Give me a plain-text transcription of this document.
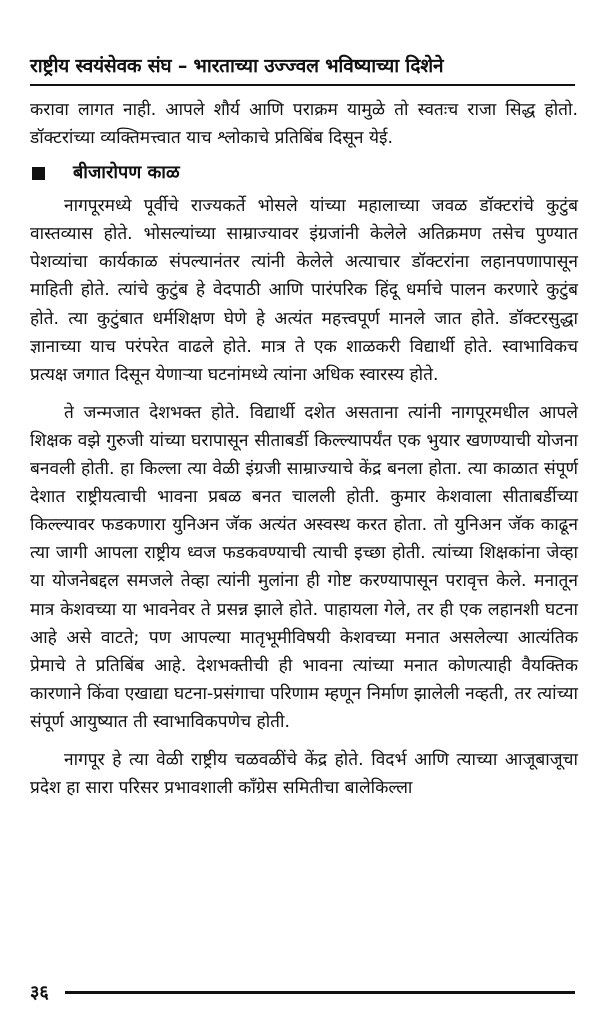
राष्ट्रीय स्वयंसेवक संघ – भारताच्या उज्ज्वल भविष्याच्या दिशेने

करावा लागत नाही. आपले शौर्य आणि पराक्रम यामुळे तो स्वतःच राजा सिद्ध होतो. डॉक्टरांच्या व्यक्तिमत्त्वात याच श्लोकाचे प्रतिबिंब दिसून येई.

बीजारोपण काळ

नागपूरमध्ये पूर्वीचे राज्यकर्ते भोसले यांच्या महालाच्या जवळ डॉक्टरांचे कुटुंब वास्तव्यास होते. भोसल्यांच्या साम्राज्यावर इंग्रजांनी केलेले अतिक्रमण तसेच पुण्यात पेशव्यांचा कार्यकाळ संपल्यानंतर त्यांनी केलेले अत्याचार डॉक्टरांना लहानपणापासून माहिती होते. त्यांचे कुटुंब हे वेदपाठी आणि पारंपरिक हिंदू धर्माचे पालन करणारे कुटुंब होते. त्या कुटुंबात धर्मशिक्षण घेणे हे अत्यंत महत्त्वपूर्ण मानले जात होते. डॉक्टरसुद्धा ज्ञानाच्या याच परंपरेत वाढले होते. मात्र ते एक शाळकरी विद्यार्थी होते. स्वाभाविकच प्रत्यक्ष जगात दिसून येणाऱ्या घटनांमध्ये त्यांना अधिक स्वारस्य होते.

ते जन्मजात देशभक्त होते. विद्यार्थी दशेत असताना त्यांनी नागपूरमधील आपले शिक्षक वझे गुरुजी यांच्या घरापासून सीताबर्डी किल्ल्यापर्यंत एक भुयार खणण्याची योजना बनवली होती. हा किल्ला त्या वेळी इंग्रजी साम्राज्याचे केंद्र बनला होता. त्या काळात संपूर्ण देशात राष्ट्रीयत्वाची भावना प्रबळ बनत चालली होती. कुमार केशवाला सीताबर्डीच्या किल्ल्यावर फडकणारा युनिअन जॅक अत्यंत अस्वस्थ करत होता. तो युनिअन जॅक काढून त्या जागी आपला राष्ट्रीय ध्वज फडकवण्याची त्याची इच्छा होती. त्यांच्या शिक्षकांना जेव्हा या योजनेबद्दल समजले तेव्हा त्यांनी मुलांना ही गोष्ट करण्यापासून परावृत्त केले. मनातून मात्र केशवच्या या भावनेवर ते प्रसन्न झाले होते. पाहायला गेले, तर ही एक लहानशी घटना आहे असे वाटते; पण आपल्या मातृभूमीविषयी केशवच्या मनात असलेल्या आत्यंतिक प्रेमाचे ते प्रतिबिंब आहे. देशभक्तीची ही भावना त्यांच्या मनात कोणत्याही वैयक्तिक कारणाने किंवा एखाद्या घटना-प्रसंगाचा परिणाम म्हणून निर्माण झालेली नव्हती, तर त्यांच्या संपूर्ण आयुष्यात ती स्वाभाविकपणेच होती.

नागपूर हे त्या वेळी राष्ट्रीय चळवळींचे केंद्र होते. विदर्भ आणि त्याच्या आजूबाजूचा प्रदेश हा सारा परिसर प्रभावशाली काँग्रेस समितीचा बालेकिल्ला

३६
